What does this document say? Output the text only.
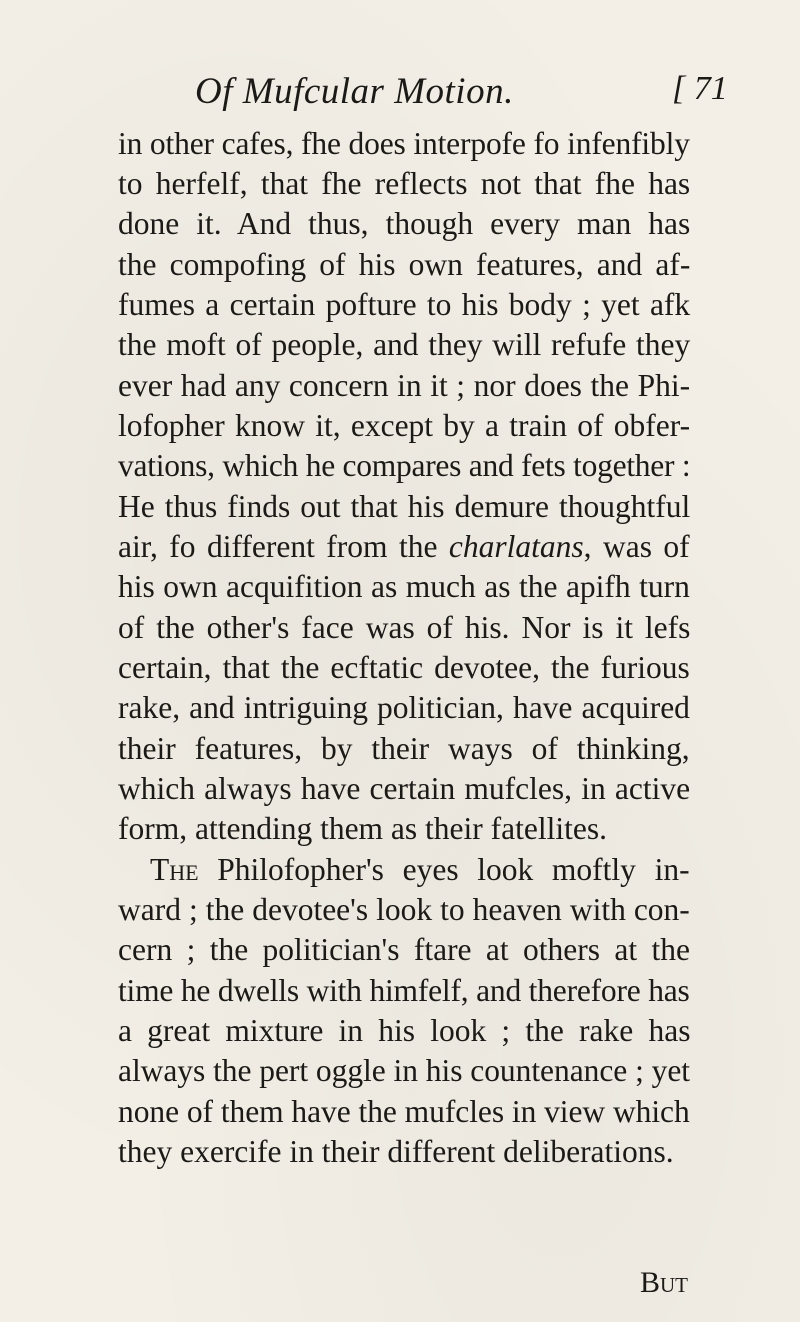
Of Mufcular Motion.	[ 71
in other cafes, fhe does interpofe fo infenfibly
to herfelf, that fhe reflects not that fhe has
done it. And thus, though every man has
the compofing of his own features, and af-
fumes a certain pofture to his body ; yet afk
the moft of people, and they will refufe they
ever had any concern in it ; nor does the Phi-
lofopher know it, except by a train of obfer-
vations, which he compares and fets together :
He thus finds out that his demure thoughtful
air, fo different from the charlatans, was of
his own acquifition as much as the apifh turn
of the other's face was of his. Nor is it lefs
certain, that the ecftatic devotee, the furious
rake, and intriguing politician, have acquired
their features, by their ways of thinking,
which always have certain mufcles, in active
form, attending them as their fatellites.
The Philofopher's eyes look moftly in-
ward ; the devotee's look to heaven with con-
cern ; the politician's ftare at others at the
time he dwells with himfelf, and therefore has
a great mixture in his look ; the rake has
always the pert oggle in his countenance ; yet
none of them have the mufcles in view which
they exercife in their different deliberations.
But
